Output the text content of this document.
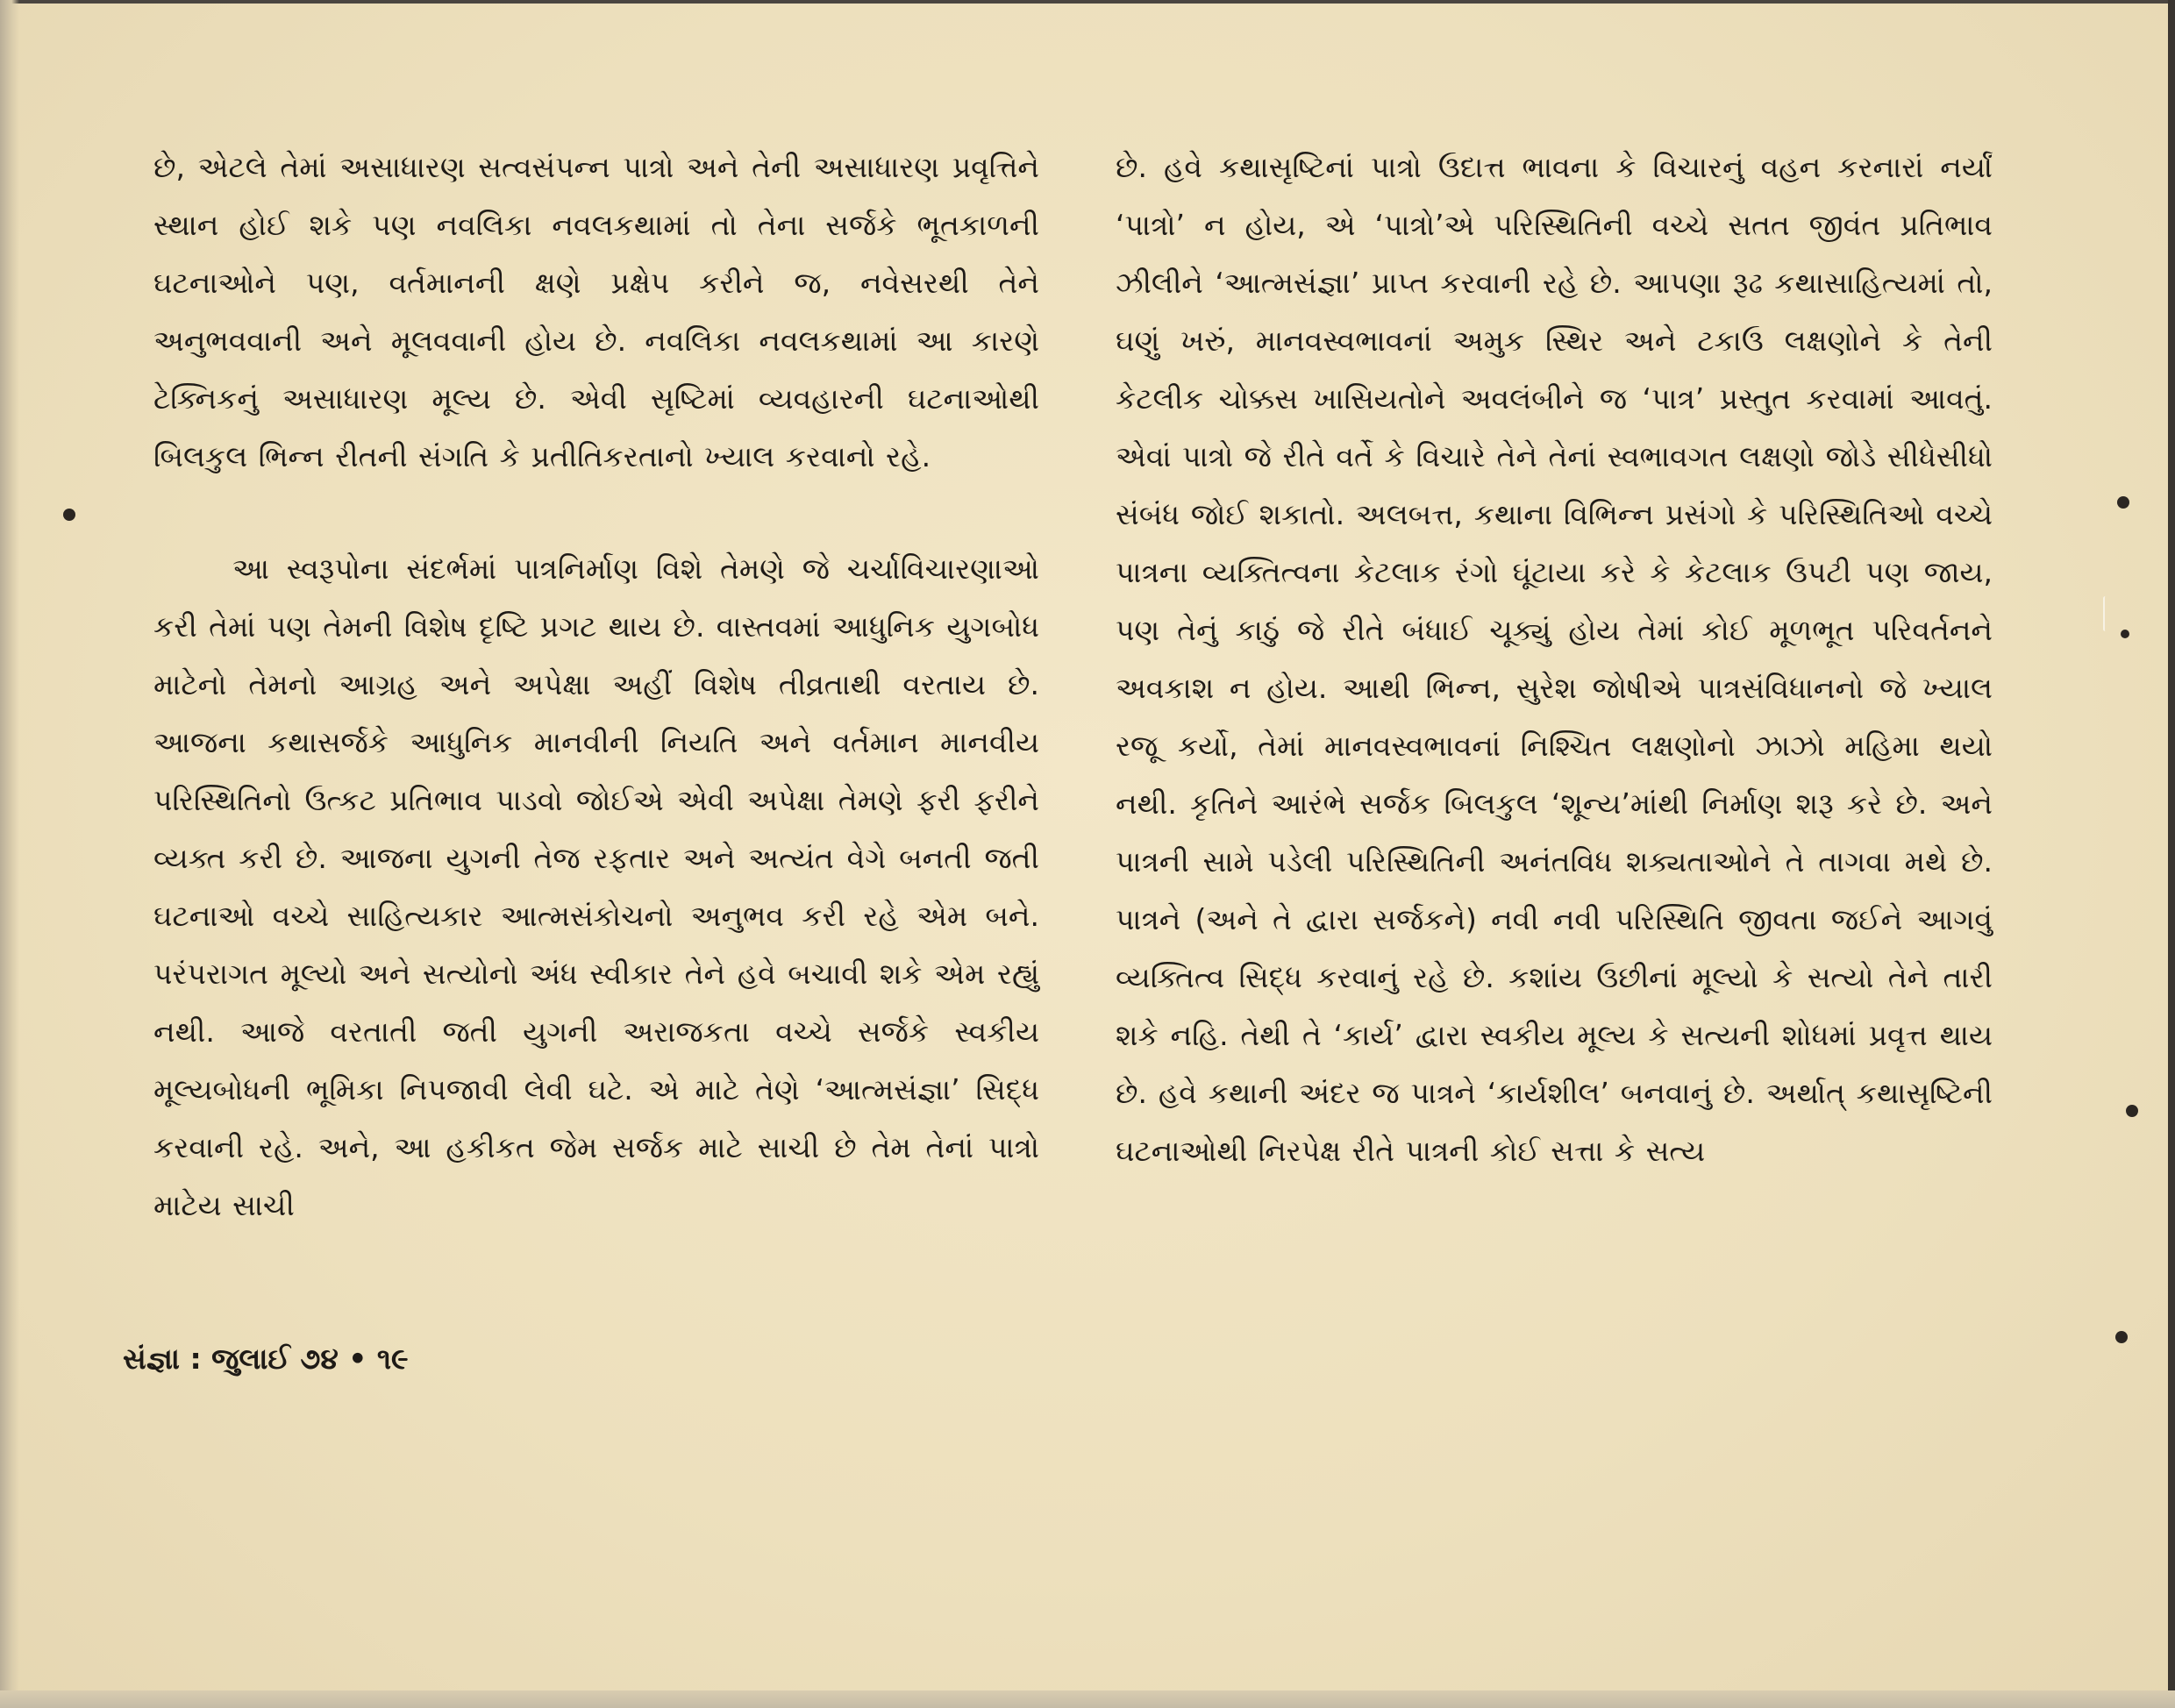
છે, એટલે તેમાં અસાધારણ સત્વસંપન્ન પાત્રો અને તેની અસાધારણ પ્રવૃત્તિને સ્થાન હોઈ શકે પણ નવલિકા નવલકથામાં તો તેના સર્જકે ભૂતકાળની ઘટનાઓને પણ, વર્તમાનની ક્ષણે પ્રક્ષેપ કરીને જ, નવેસરથી તેને અનુભવવાની અને મૂલવવાની હોય છે. નવલિકા નવલકથામાં આ કારણે ટેક્નિકનું અસાધારણ મૂલ્ય છે. એવી સૃષ્ટિમાં વ્યવહારની ઘટનાઓથી બિલકુલ ભિન્ન રીતની સંગતિ કે પ્રતીતિકરતાનો ખ્યાલ કરવાનો રહે.

આ સ્વરૂપોના સંદર્ભમાં પાત્રનિર્માણ વિશે તેમણે જે ચર્ચાવિચારણાઓ કરી તેમાં પણ તેમની વિશેષ દૃષ્ટિ પ્રગટ થાય છે. વાસ્તવમાં આધુનિક યુગબોધ માટેનો તેમનો આગ્રહ અને અપેક્ષા અહીં વિશેષ તીવ્રતાથી વરતાય છે. આજના કથાસર્જકે આધુનિક માનવીની નિયતિ અને વર્તમાન માનવીય પરિસ્થિતિનો ઉત્કટ પ્રતિભાવ પાડવો જોઈએ એવી અપેક્ષા તેમણે ફરી ફરીને વ્યક્ત કરી છે. આજના યુગની તેજ રફતાર અને અત્યંત વેગે બનતી જતી ઘટનાઓ વચ્ચે સાહિત્યકાર આત્મસંકોચનો અનુભવ કરી રહે એમ બને. પરંપરાગત મૂલ્યો અને સત્યોનો અંધ સ્વીકાર તેને હવે બચાવી શકે એમ રહ્યું નથી. આજે વરતાતી જતી યુગની અરાજકતા વચ્ચે સર્જકે સ્વકીય મૂલ્યબોધની ભૂમિકા નિપજાવી લેવી ઘટે. એ માટે તેણે ‘આત્મસંજ્ઞા’ સિદ્ધ કરવાની રહે. અને, આ હકીકત જેમ સર્જક માટે સાચી છે તેમ તેનાં પાત્રો માટેય સાચી

છે. હવે કથાસૃષ્ટિનાં પાત્રો ઉદાત્ત ભાવના કે વિચારનું વહન કરનારાં નર્યાં ‘પાત્રો’ ન હોય, એ ‘પાત્રો’એ પરિસ્થિતિની વચ્ચે સતત જીવંત પ્રતિભાવ ઝીલીને ‘આત્મસંજ્ઞા’ પ્રાપ્ત કરવાની રહે છે. આપણા રૂઢ કથાસાહિત્યમાં તો, ઘણું ખરું, માનવસ્વભાવનાં અમુક સ્થિર અને ટકાઉ લક્ષણોને કે તેની કેટલીક ચોક્કસ ખાસિયતોને અવલંબીને જ ‘પાત્ર’ પ્રસ્તુત કરવામાં આવતું. એવાં પાત્રો જે રીતે વર્તે કે વિચારે તેને તેનાં સ્વભાવગત લક્ષણો જોડે સીધેસીધો સંબંધ જોઈ શકાતો. અલબત્ત, કથાના વિભિન્ન પ્રસંગો કે પરિસ્થિતિઓ વચ્ચે પાત્રના વ્યક્તિત્વના કેટલાક રંગો ઘૂંટાયા કરે કે કેટલાક ઉપટી પણ જાય, પણ તેનું કાઠું જે રીતે બંધાઈ ચૂક્યું હોય તેમાં કોઈ મૂળભૂત પરિવર્તનને અવકાશ ન હોય. આથી ભિન્ન, સુરેશ જોષીએ પાત્રસંવિધાનનો જે ખ્યાલ રજૂ કર્યો, તેમાં માનવસ્વભાવનાં નિશ્ચિત લક્ષણોનો ઝાઝો મહિમા થયો નથી. કૃતિને આરંભે સર્જક બિલકુલ ‘શૂન્ય’માંથી નિર્માણ શરૂ કરે છે. અને પાત્રની સામે પડેલી પરિસ્થિતિની અનંતવિધ શક્યતાઓને તે તાગવા મથે છે. પાત્રને (અને તે દ્વારા સર્જકને) નવી નવી પરિસ્થિતિ જીવતા જઈને આગવું વ્યક્તિત્વ સિદ્ધ કરવાનું રહે છે. કશાંય ઉછીનાં મૂલ્યો કે સત્યો તેને તારી શકે નહિ. તેથી તે ‘કાર્ય’ દ્વારા સ્વકીય મૂલ્ય કે સત્યની શોધમાં પ્રવૃત્ત થાય છે. હવે કથાની અંદર જ પાત્રને ‘કાર્યશીલ’ બનવાનું છે. અર્થાત્ કથાસૃષ્ટિની ઘટનાઓથી નિરપેક્ષ રીતે પાત્રની કોઈ સત્તા કે સત્ય

સંજ્ઞા : જુલાઈ ૭૪ • ૧૯
